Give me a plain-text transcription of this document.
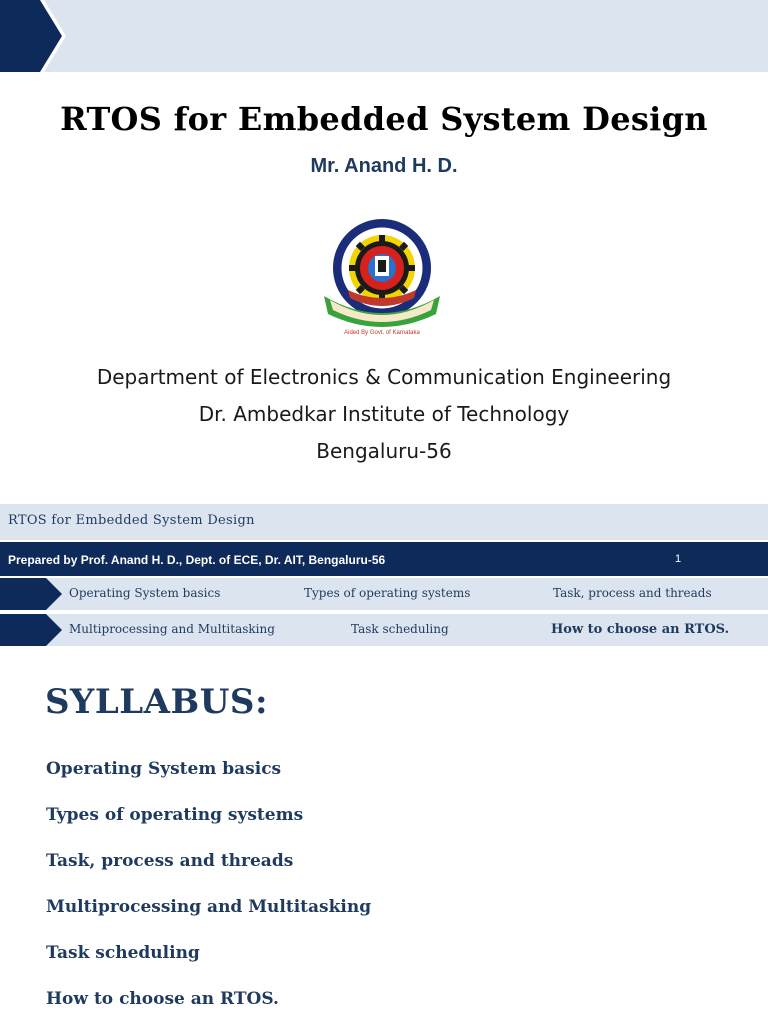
RTOS for Embedded System Design
Mr. Anand H. D.
Aided By Govt. of Karnataka
Department of Electronics & Communication Engineering
Dr. Ambedkar Institute of Technology
Bengaluru-56
RTOS for Embedded System Design
Prepared by Prof. Anand H. D., Dept. of ECE, Dr. AIT, Bengaluru-56	1
Operating System basics	Types of operating systems	Task, process and threads
Multiprocessing and Multitasking	Task scheduling	How to choose an RTOS.
SYLLABUS:
Operating System basics
Types of operating systems
Task, process and threads
Multiprocessing and Multitasking
Task scheduling
How to choose an RTOS.
